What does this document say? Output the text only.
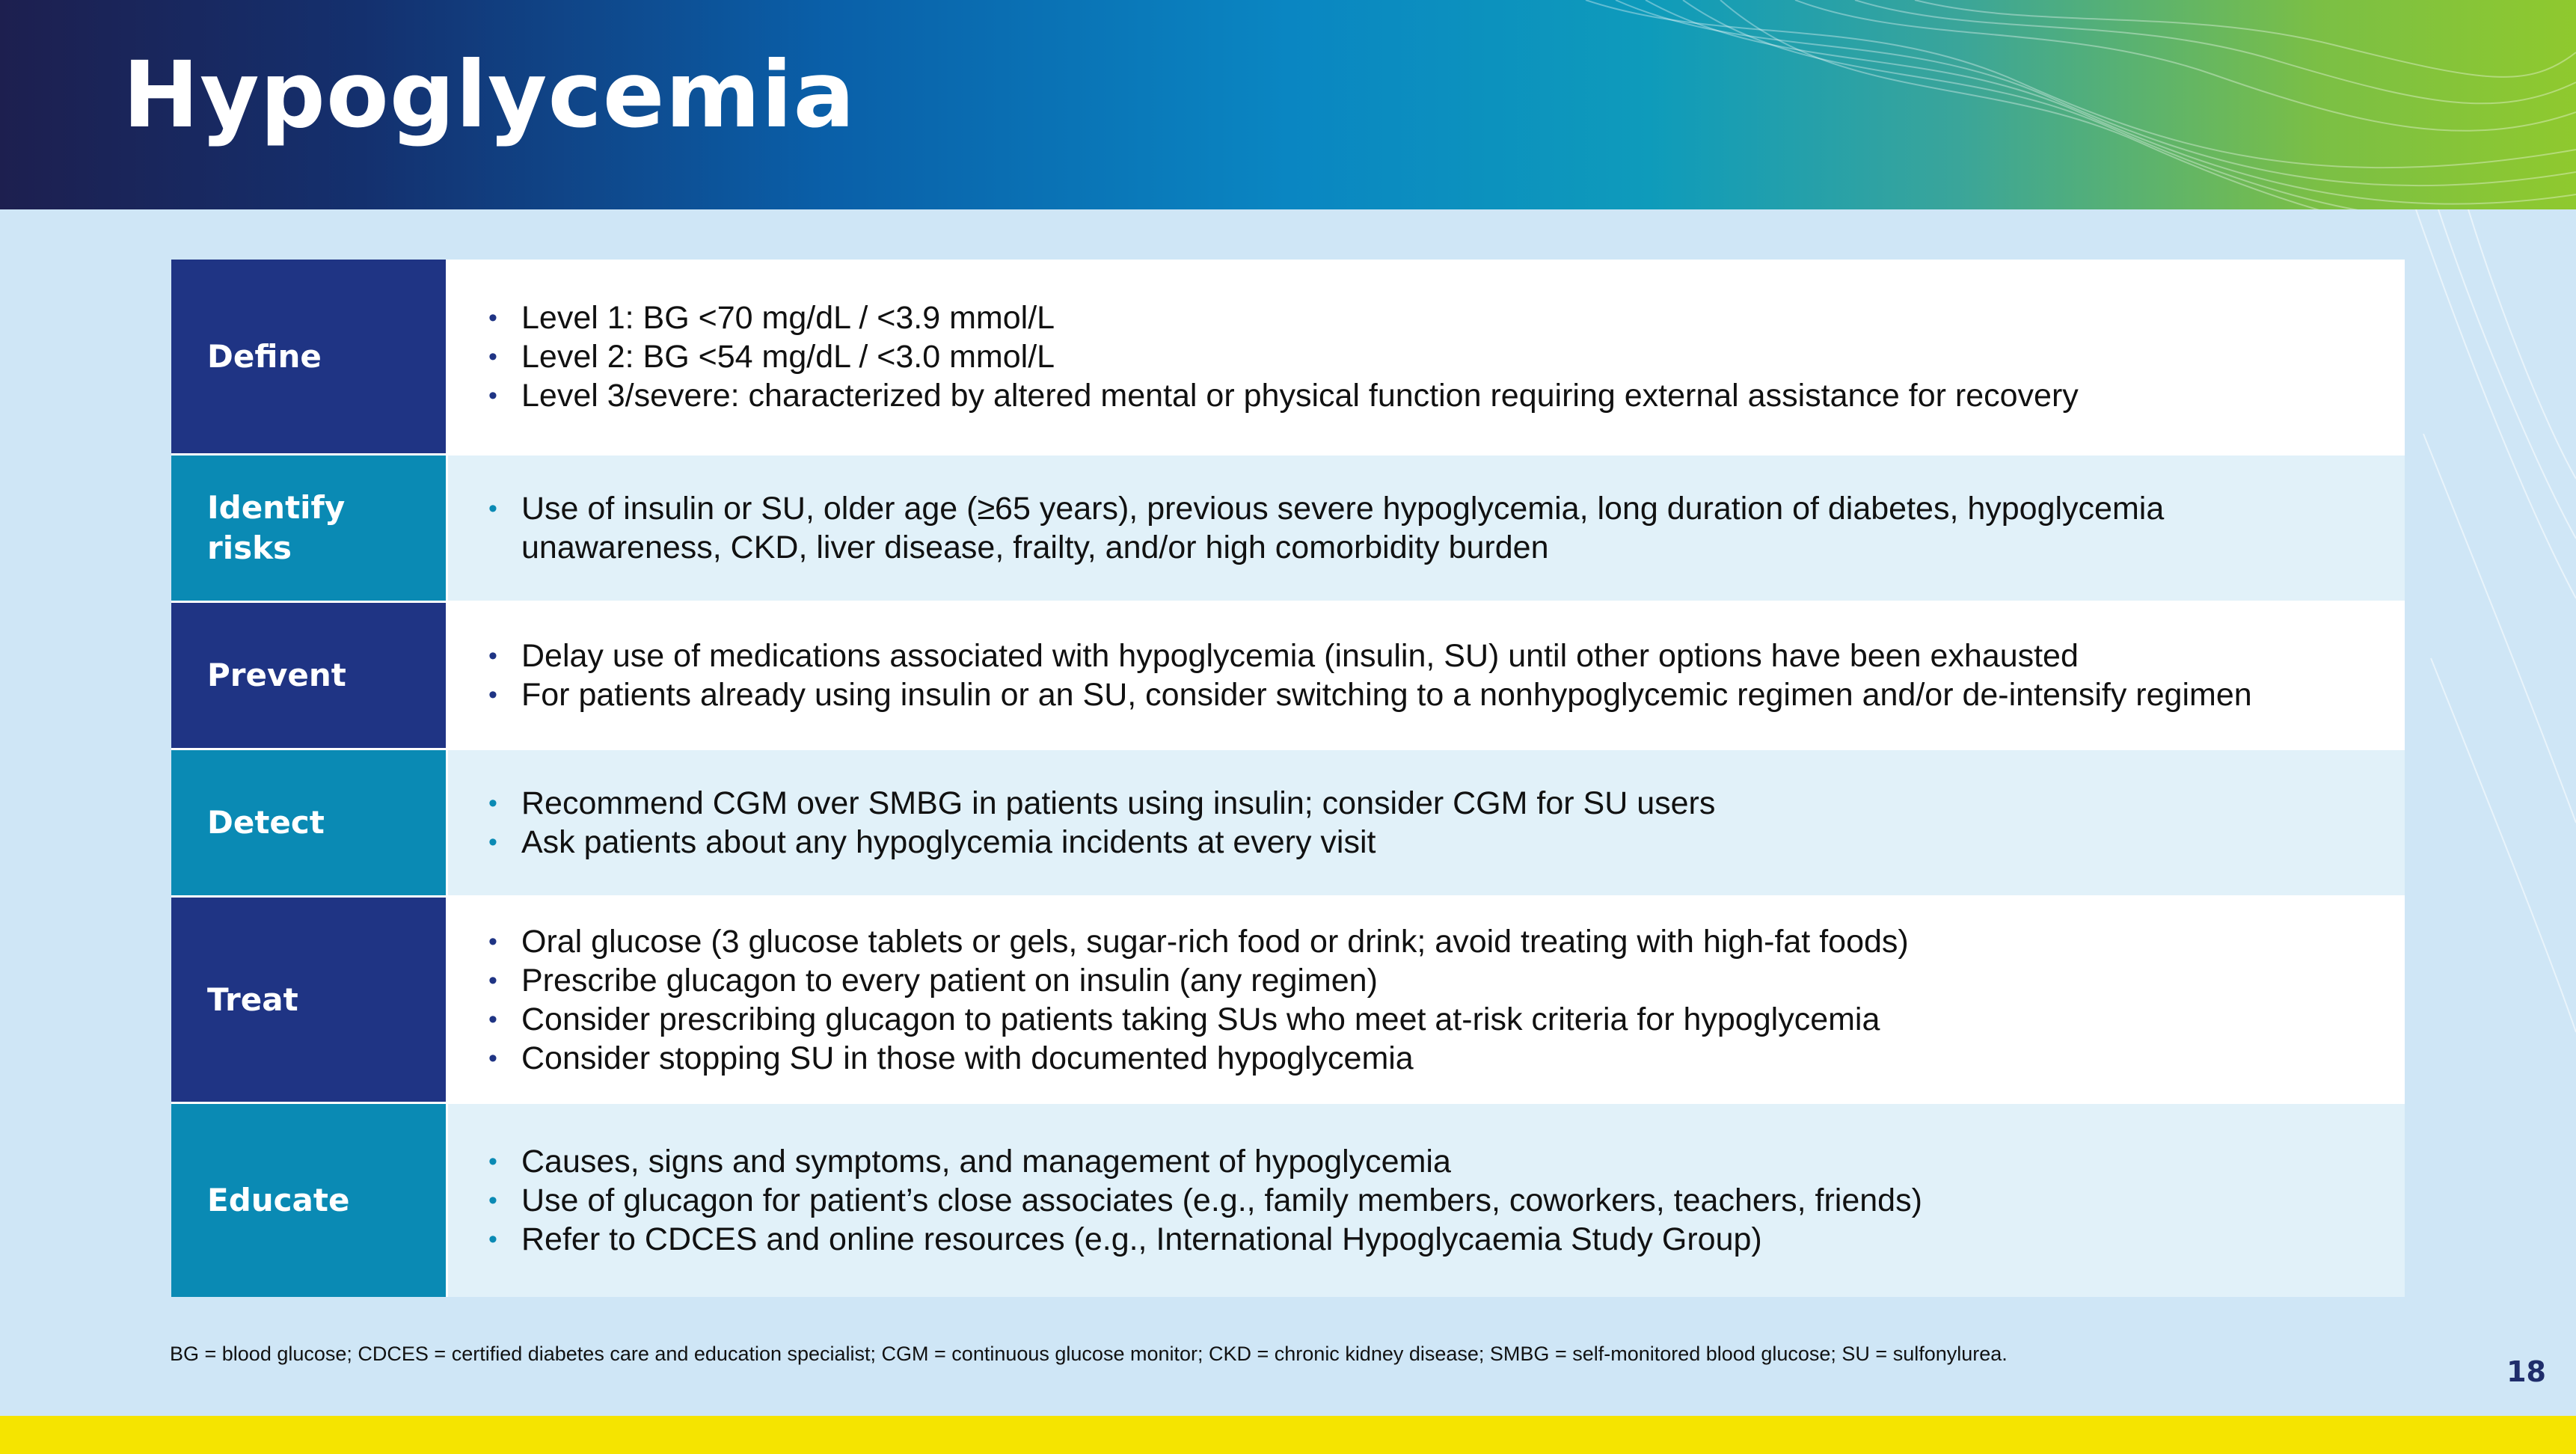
Hypoglycemia
Define
• Level 1: BG <70 mg/dL / <3.9 mmol/L
• Level 2: BG <54 mg/dL / <3.0 mmol/L
• Level 3/severe: characterized by altered mental or physical function requiring external assistance for recovery
Identify risks
• Use of insulin or SU, older age (≥65 years), previous severe hypoglycemia, long duration of diabetes, hypoglycemia unawareness, CKD, liver disease, frailty, and/or high comorbidity burden
Prevent
• Delay use of medications associated with hypoglycemia (insulin, SU) until other options have been exhausted
• For patients already using insulin or an SU, consider switching to a nonhypoglycemic regimen and/or de-intensify regimen
Detect
• Recommend CGM over SMBG in patients using insulin; consider CGM for SU users
• Ask patients about any hypoglycemia incidents at every visit
Treat
• Oral glucose (3 glucose tablets or gels, sugar-rich food or drink; avoid treating with high-fat foods)
• Prescribe glucagon to every patient on insulin (any regimen)
• Consider prescribing glucagon to patients taking SUs who meet at-risk criteria for hypoglycemia
• Consider stopping SU in those with documented hypoglycemia
Educate
• Causes, signs and symptoms, and management of hypoglycemia
• Use of glucagon for patient’s close associates (e.g., family members, coworkers, teachers, friends)
• Refer to CDCES and online resources (e.g., International Hypoglycaemia Study Group)
BG = blood glucose; CDCES = certified diabetes care and education specialist; CGM = continuous glucose monitor; CKD = chronic kidney disease; SMBG = self-monitored blood glucose; SU = sulfonylurea.
18
